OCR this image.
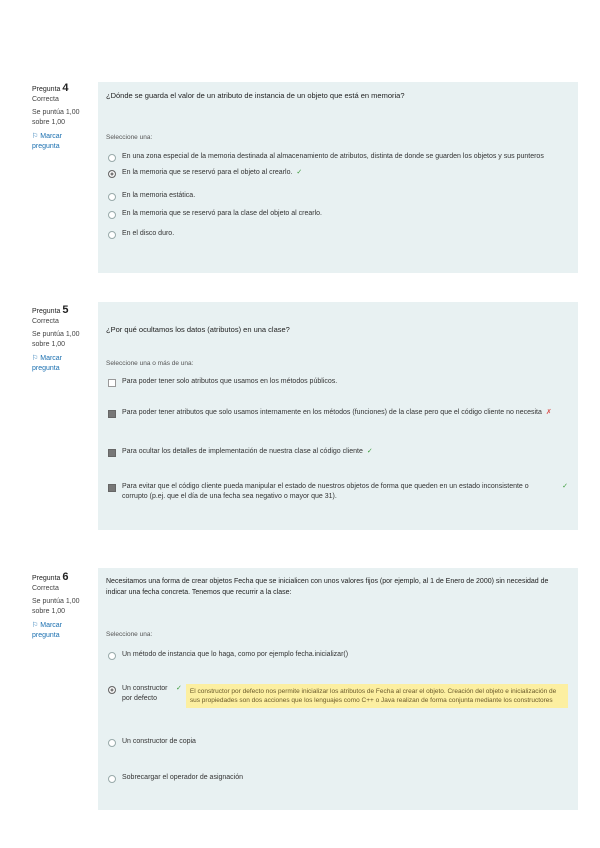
Pregunta 4
Correcta
Se puntúa 1,00 sobre 1,00
⚐ Marcar pregunta
¿Dónde se guarda el valor de un atributo de instancia de un objeto que está en memoria?
Seleccione una:
En una zona especial de la memoria destinada al almacenamiento de atributos, distinta de donde se guarden los objetos y sus punteros
En la memoria que se reservó para el objeto al crearlo. ✓
En la memoria estática.
En la memoria que se reservó para la clase del objeto al crearlo.
En el disco duro.
Pregunta 5
Correcta
Se puntúa 1,00 sobre 1,00
⚐ Marcar pregunta
¿Por qué ocultamos los datos (atributos) en una clase?
Seleccione una o más de una:
Para poder tener solo atributos que usamos en los métodos públicos.
Para poder tener atributos que solo usamos internamente en los métodos (funciones) de la clase pero que el código cliente no necesita ✗
Para ocultar los detalles de implementación de nuestra clase al código cliente ✓
Para evitar que el código cliente pueda manipular el estado de nuestros objetos de forma que queden en un estado inconsistente o corrupto (p.ej. que el día de una fecha sea negativo o mayor que 31).
✓
Pregunta 6
Correcta
Se puntúa 1,00 sobre 1,00
⚐ Marcar pregunta
Necesitamos una forma de crear objetos Fecha que se inicialicen con unos valores fijos (por ejemplo, al 1 de Enero de 2000) sin necesidad de indicar una fecha concreta. Tenemos que recurrir a la clase:
Seleccione una:
Un método de instancia que lo haga, como por ejemplo fecha.inicializar()
Un constructor por defecto
✓	El constructor por defecto nos permite inicializar los atributos de Fecha al crear el objeto. Creación del objeto e inicialización de sus propiedades son dos acciones que los lenguajes como C++ o Java realizan de forma conjunta mediante los constructores
Un constructor de copia
Sobrecargar el operador de asignación
